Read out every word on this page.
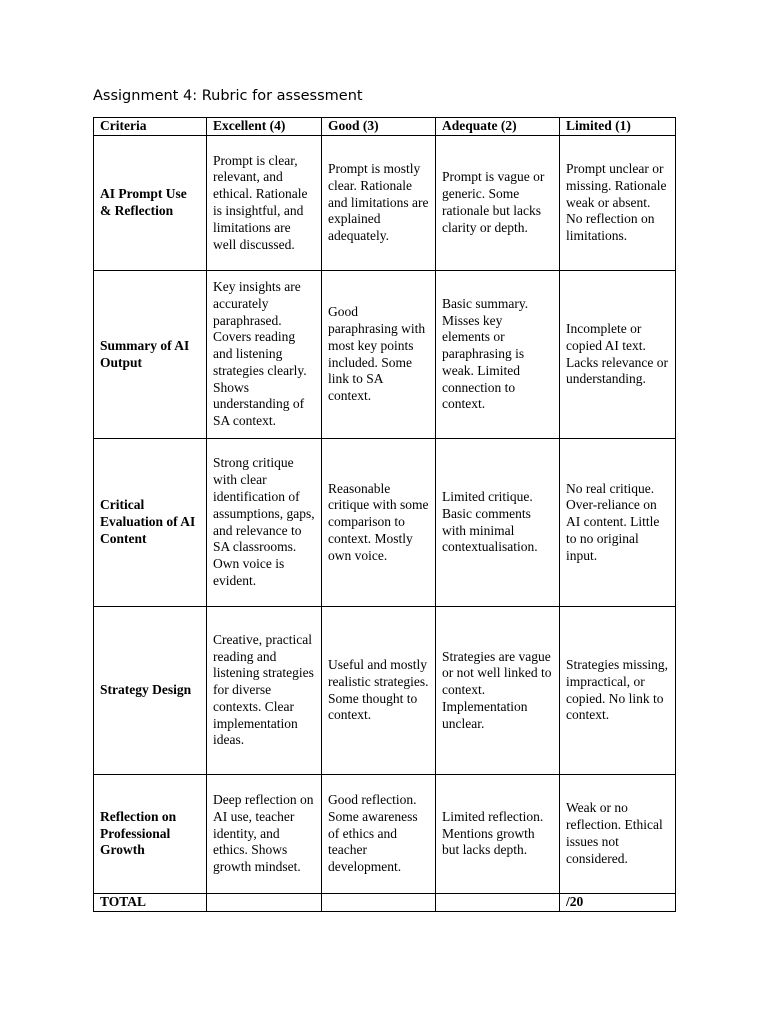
Assignment 4: Rubric for assessment
Criteria	Excellent (4)	Good (3)	Adequate (2)	Limited (1)
AI Prompt Use & Reflection	Prompt is clear, relevant, and ethical. Rationale is insightful, and limitations are well discussed.	Prompt is mostly clear. Rationale and limitations are explained adequately.	Prompt is vague or generic. Some rationale but lacks clarity or depth.	Prompt unclear or missing. Rationale weak or absent. No reflection on limitations.
Summary of AI Output	Key insights are accurately paraphrased. Covers reading and listening strategies clearly. Shows understanding of SA context.	Good paraphrasing with most key points included. Some link to SA context.	Basic summary. Misses key elements or paraphrasing is weak. Limited connection to context.	Incomplete or copied AI text. Lacks relevance or understanding.
Critical Evaluation of AI Content	Strong critique with clear identification of assumptions, gaps, and relevance to SA classrooms. Own voice is evident.	Reasonable critique with some comparison to context. Mostly own voice.	Limited critique. Basic comments with minimal contextualisation.	No real critique. Over-reliance on AI content. Little to no original input.
Strategy Design	Creative, practical reading and listening strategies for diverse contexts. Clear implementation ideas.	Useful and mostly realistic strategies. Some thought to context.	Strategies are vague or not well linked to context. Implementation unclear.	Strategies missing, impractical, or copied. No link to context.
Reflection on Professional Growth	Deep reflection on AI use, teacher identity, and ethics. Shows growth mindset.	Good reflection. Some awareness of ethics and teacher development.	Limited reflection. Mentions growth but lacks depth.	Weak or no reflection. Ethical issues not considered.
TOTAL				/20
